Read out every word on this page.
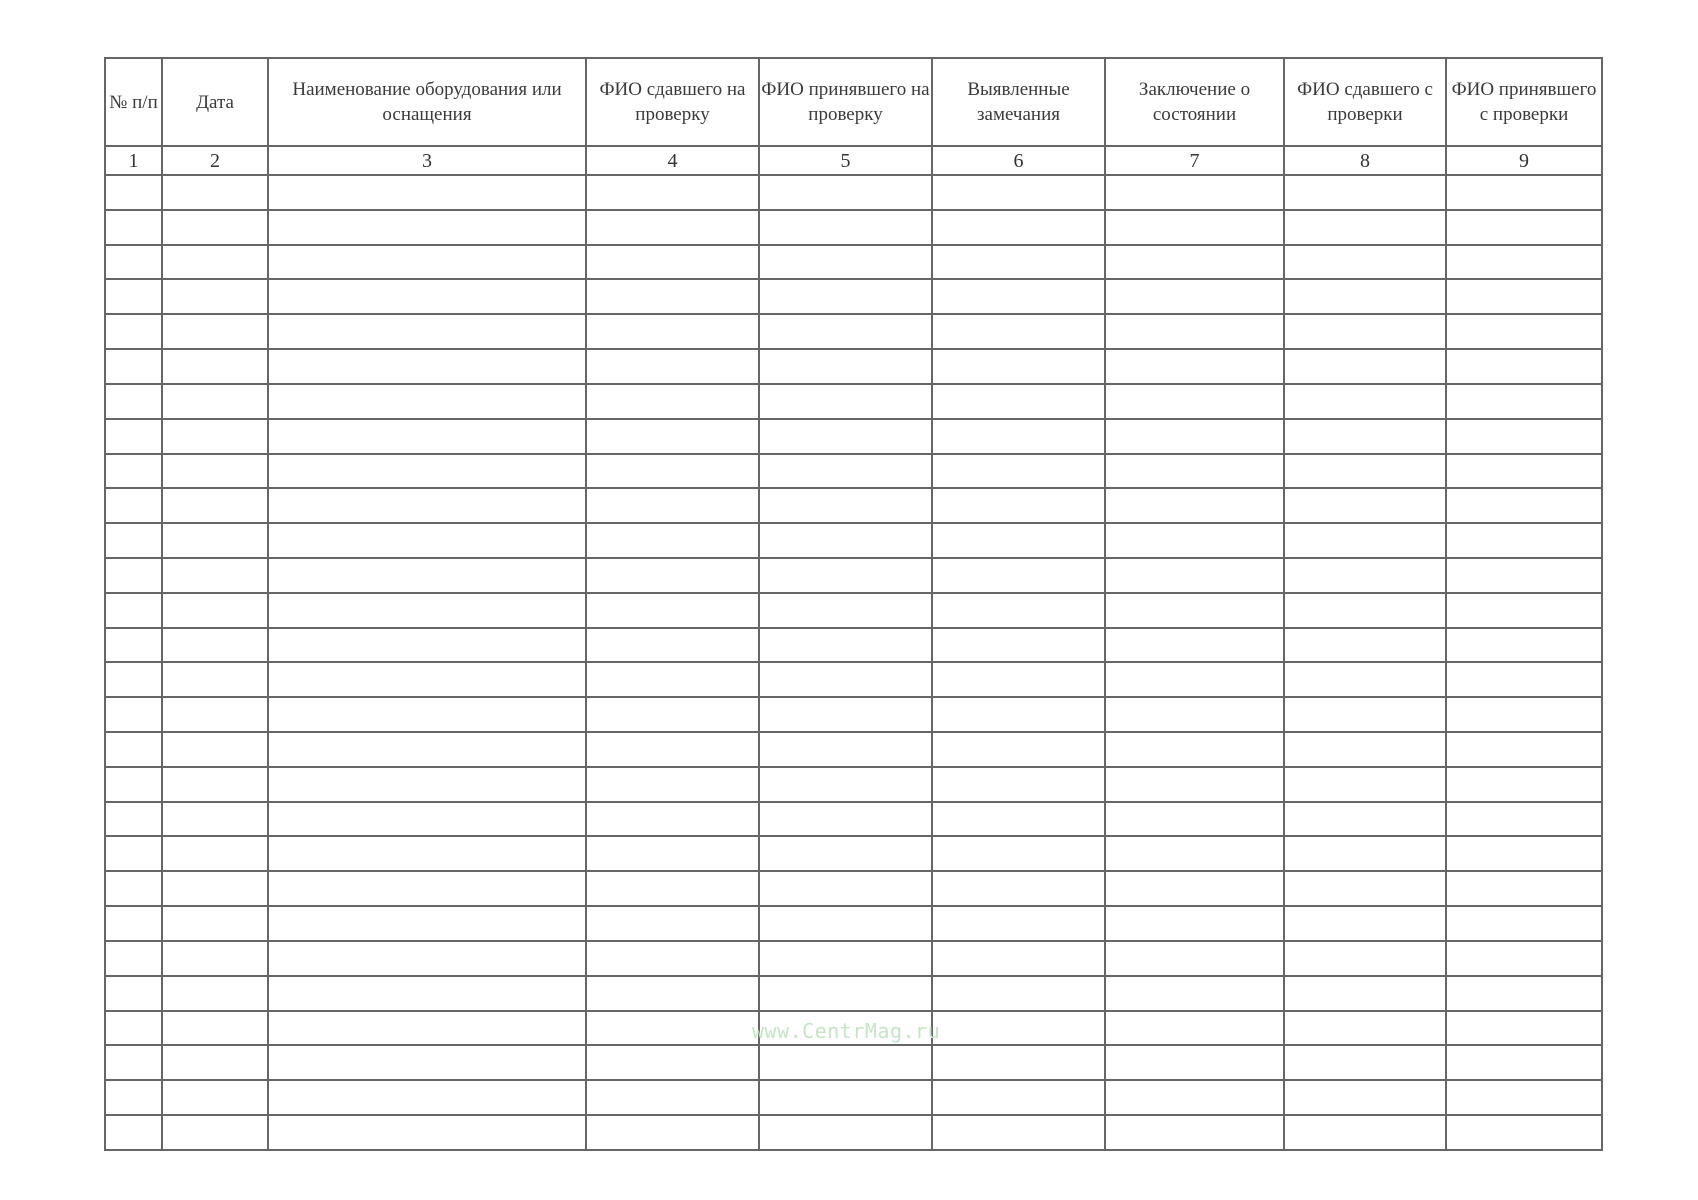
№ п/п	Дата	Наименование оборудования или оснащения	ФИО сдавшего на проверку	ФИО принявшего на проверку	Выявленные замечания	Заключение о состоянии	ФИО сдавшего с проверки	ФИО принявшего с проверки
1	2	3	4	5	6	7	8	9

www.CentrMag.ru
